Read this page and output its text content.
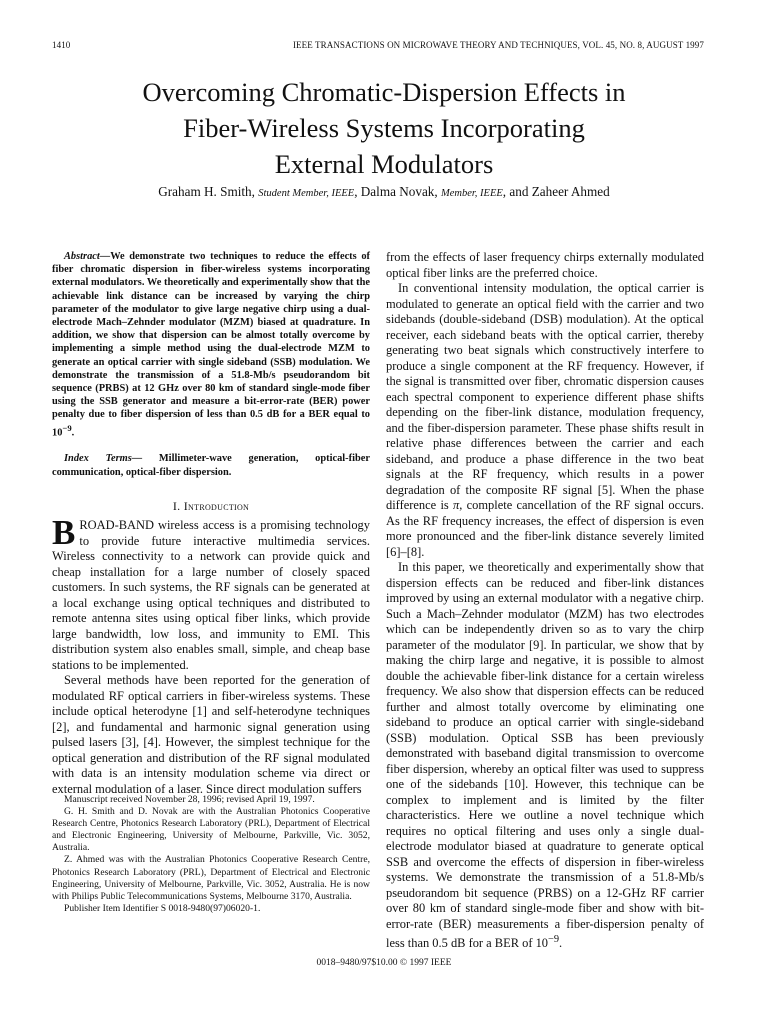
1410	IEEE TRANSACTIONS ON MICROWAVE THEORY AND TECHNIQUES, VOL. 45, NO. 8, AUGUST 1997
Overcoming Chromatic-Dispersion Effects in
Fiber-Wireless Systems Incorporating
External Modulators
Graham H. Smith, Student Member, IEEE, Dalma Novak, Member, IEEE, and Zaheer Ahmed

Abstract—We demonstrate two techniques to reduce the effects of fiber chromatic dispersion in fiber-wireless systems incorporating external modulators. We theoretically and experimentally show that the achievable link distance can be increased by varying the chirp parameter of the modulator to give large negative chirp using a dual-electrode Mach–Zehnder modulator (MZM) biased at quadrature. In addition, we show that dispersion can be almost totally overcome by implementing a simple method using the dual-electrode MZM to generate an optical carrier with single sideband (SSB) modulation. We demonstrate the transmission of a 51.8-Mb/s pseudorandom bit sequence (PRBS) at 12 GHz over 80 km of standard single-mode fiber using the SSB generator and measure a bit-error-rate (BER) power penalty due to fiber dispersion of less than 0.5 dB for a BER equal to $10^{-9}$.

Index Terms— Millimeter-wave generation, optical-fiber communication, optical-fiber dispersion.

I. Introduction

BROAD-BAND wireless access is a promising technology to provide future interactive multimedia services. Wireless connectivity to a network can provide quick and cheap installation for a large number of closely spaced customers. In such systems, the RF signals can be generated at a local exchange using optical techniques and distributed to remote antenna sites using optical fiber links, which provide large bandwidth, low loss, and immunity to EMI. This distribution system also enables small, simple, and cheap base stations to be implemented.

Several methods have been reported for the generation of modulated RF optical carriers in fiber-wireless systems. These include optical heterodyne [1] and self-heterodyne techniques [2], and fundamental and harmonic signal generation using pulsed lasers [3], [4]. However, the simplest technique for the optical generation and distribution of the RF signal modulated with data is an intensity modulation scheme via direct or external modulation of a laser. Since direct modulation suffers

from the effects of laser frequency chirps externally modulated optical fiber links are the preferred choice.

In conventional intensity modulation, the optical carrier is modulated to generate an optical field with the carrier and two sidebands (double-sideband (DSB) modulation). At the optical receiver, each sideband beats with the optical carrier, thereby generating two beat signals which constructively interfere to produce a single component at the RF frequency. However, if the signal is transmitted over fiber, chromatic dispersion causes each spectral component to experience different phase shifts depending on the fiber-link distance, modulation frequency, and the fiber-dispersion parameter. These phase shifts result in relative phase differences between the carrier and each sideband, and produce a phase difference in the two beat signals at the RF frequency, which results in a power degradation of the composite RF signal [5]. When the phase difference is π, complete cancellation of the RF signal occurs. As the RF frequency increases, the effect of dispersion is even more pronounced and the fiber-link distance severely limited [6]–[8].

In this paper, we theoretically and experimentally show that dispersion effects can be reduced and fiber-link distances improved by using an external modulator with a negative chirp. Such a Mach–Zehnder modulator (MZM) has two electrodes which can be independently driven so as to vary the chirp parameter of the modulator [9]. In particular, we show that by making the chirp large and negative, it is possible to almost double the achievable fiber-link distance for a certain wireless frequency. We also show that dispersion effects can be reduced further and almost totally overcome by eliminating one sideband to produce an optical carrier with single-sideband (SSB) modulation. Optical SSB has been previously demonstrated with baseband digital transmission to overcome fiber dispersion, whereby an optical filter was used to suppress one of the sidebands [10]. However, this technique can be complex to implement and is limited by the filter characteristics. Here we outline a novel technique which requires no optical filtering and uses only a single dual-electrode modulator biased at quadrature to generate optical SSB and overcome the effects of dispersion in fiber-wireless systems. We demonstrate the transmission of a 51.8-Mb/s pseudorandom bit sequence (PRBS) on a 12-GHz RF carrier over 80 km of standard single-mode fiber and show with bit-error-rate (BER) measurements a fiber-dispersion penalty of less than 0.5 dB for a BER of $10^{-9}$.

Manuscript received November 28, 1996; revised April 19, 1997.

G. H. Smith and D. Novak are with the Australian Photonics Cooperative Research Centre, Photonics Research Laboratory (PRL), Department of Electrical and Electronic Engineering, University of Melbourne, Parkville, Vic. 3052, Australia.

Z. Ahmed was with the Australian Photonics Cooperative Research Centre, Photonics Research Laboratory (PRL), Department of Electrical and Electronic Engineering, University of Melbourne, Parkville, Vic. 3052, Australia. He is now with Philips Public Telecommunications Systems, Melbourne 3170, Australia.

Publisher Item Identifier S 0018-9480(97)06020-1.

0018–9480/97$10.00 © 1997 IEEE
